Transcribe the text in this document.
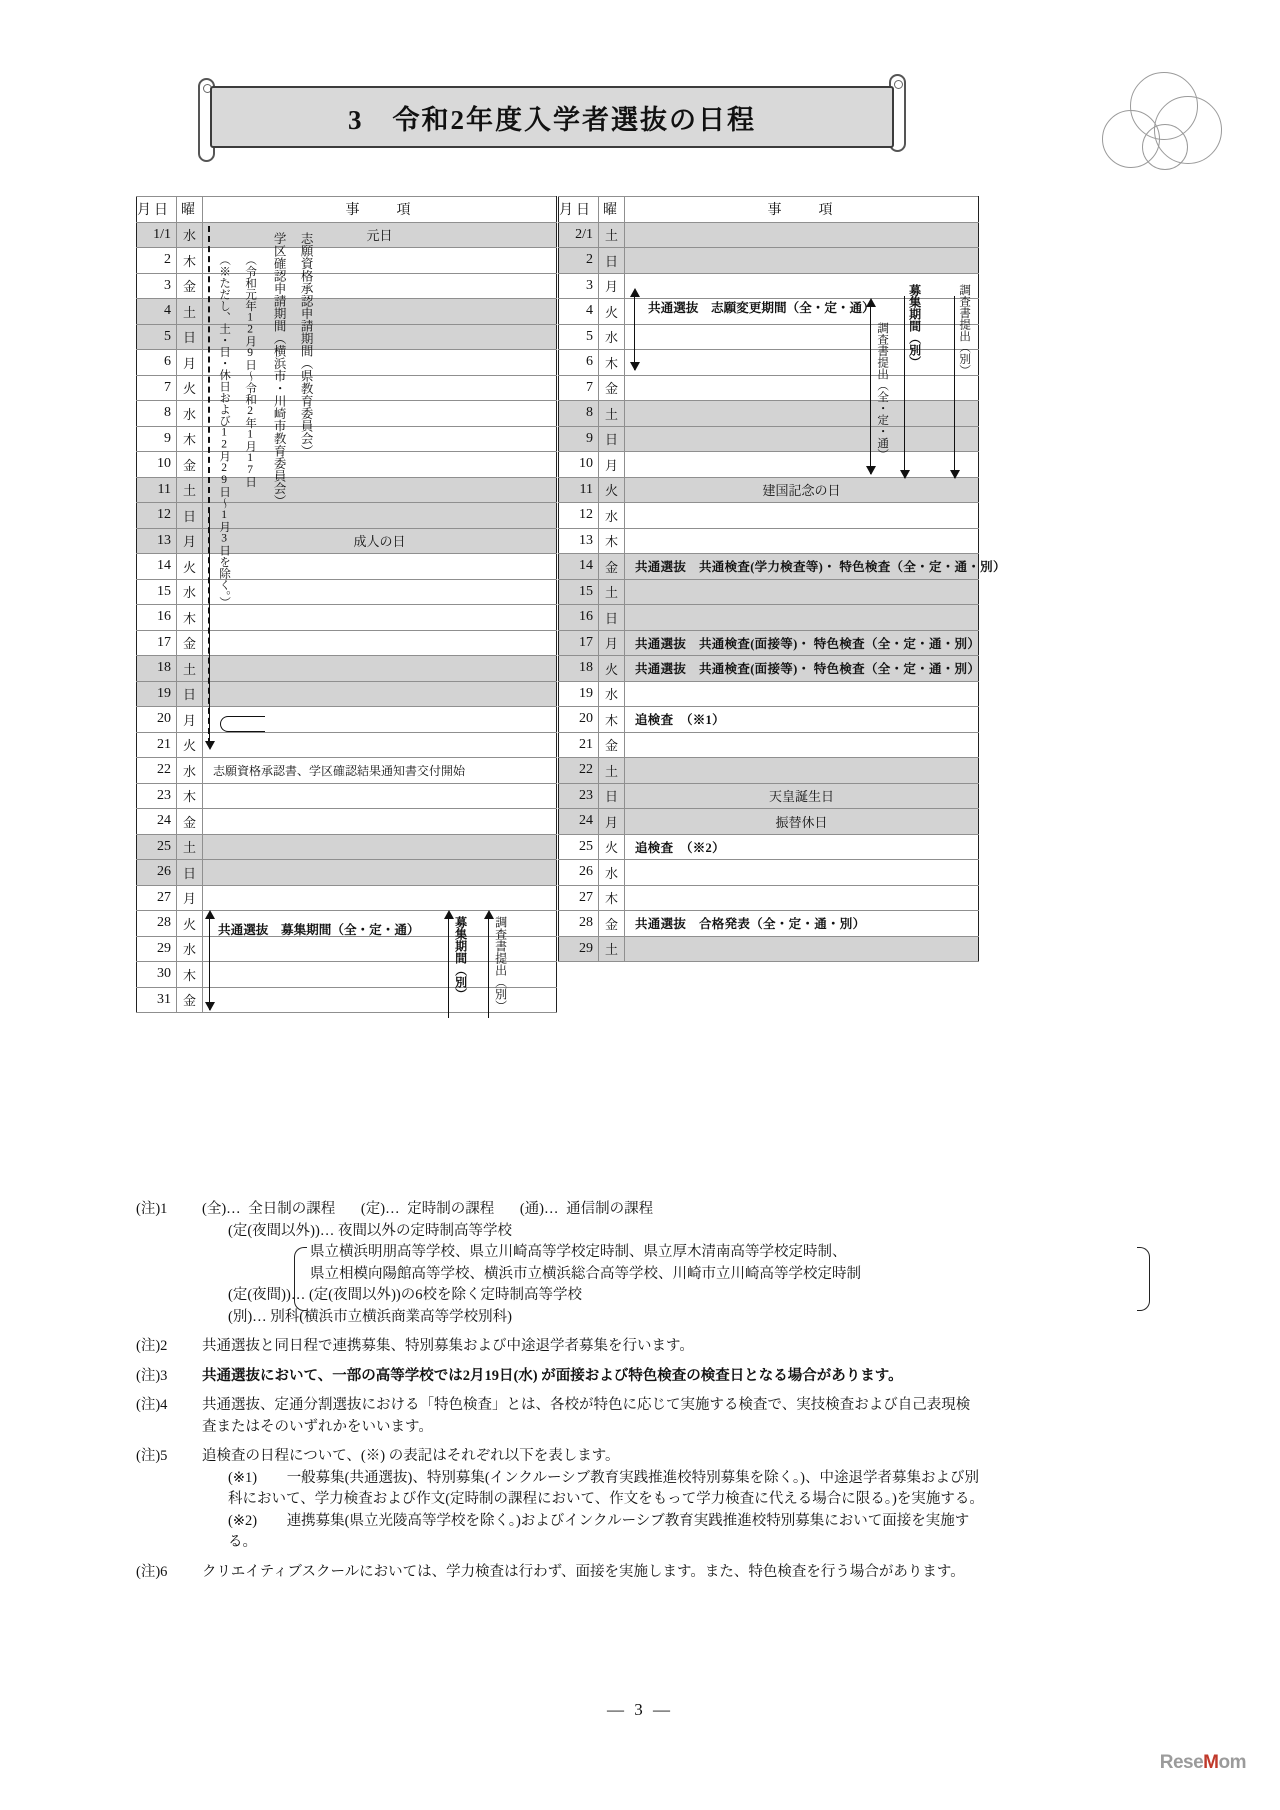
3　令和2年度入学者選抜の日程
月日	曜	事　　項		月日	曜	事　　項
1/1	水	元日		2/1	土	
2	木			2	日	
3	金			3	月	
4	土			4	火	
5	日			5	水	
6	月			6	木	
7	火			7	金	
8	水			8	土	
9	木			9	日	
10	金			10	月	
11	土			11	火	建国記念の日

12	日			12	水	
13	月	成人の日		13	木	
14	火			14	金	共通選抜　共通検査(学力検査等)・ 特色検査（全・定・通・別）

15	水			15	土	
16	木			16	日	
17	金			17	月	共通選抜　共通検査(面接等)・ 特色検査（全・定・通・別）

18	土			18	火	共通選抜　共通検査(面接等)・ 特色検査（全・定・通・別）

19	日			19	水	
20	月			20	木	追検査　（※1）

21	火			21	金	
22	水	志願資格承認書、学区確認結果通知書交付開始		22	土	
23	木			23	日	天皇誕生日

24	金			24	月	振替休日

25	土			25	火	追検査　（※2）

26	日			26	水	
27	月			27	木	
28	火			28	金	共通選抜　合格発表（全・定・通・別）

29	水			29	土	
30	木					
31	金					
（※ただし、土・日・休日および12月29日～1月3日を除く。） （令和元年12月9日～令和2年1月17日 学区確認申請期間（横浜市・川崎市教育委員会） 志願資格承認申請期間（県教育委員会）
共通選抜　募集期間（全・定・通）	募集期間（別） 調査書提出（別）
共通選抜　志願変更期間（全・定・通）
調査書提出（全・定・通） 募集期間（別）	調査書提出（別）
(注)1	(全)… 全日制の課程 (定)… 定時制の課程 (通)… 通信制の課程
(定(夜間以外))… 夜間以外の定時制高等学校
県立横浜明朋高等学校、県立川崎高等学校定時制、県立厚木清南高等学校定時制、
県立相模向陽館高等学校、横浜市立横浜総合高等学校、川崎市立川崎高等学校定時制
(定(夜間))… (定(夜間以外))の6校を除く定時制高等学校
(別)… 別科(横浜市立横浜商業高等学校別科)
(注)2	共通選抜と同日程で連携募集、特別募集および中途退学者募集を行います。
(注)3	共通選抜において、一部の高等学校では2月19日(水) が面接および特色検査の検査日となる場合があります。
(注)4	共通選抜、定通分割選抜における「特色検査」とは、各校が特色に応じて実施する検査で、実技検査および自己表現検
査またはそのいずれかをいいます。
(注)5	追検査の日程について、(※) の表記はそれぞれ以下を表します。
(※1) 一般募集(共通選抜)、特別募集(インクルーシブ教育実践推進校特別募集を除く。)、中途退学者募集および別
科において、学力検査および作文(定時制の課程において、作文をもって学力検査に代える場合に限る。)を実施する。
(※2) 連携募集(県立光陵高等学校を除く。)およびインクルーシブ教育実践推進校特別募集において面接を実施す
る。
(注)6	クリエイティブスクールにおいては、学力検査は行わず、面接を実施します。また、特色検査を行う場合があります。
— 3 —
ReseMom
